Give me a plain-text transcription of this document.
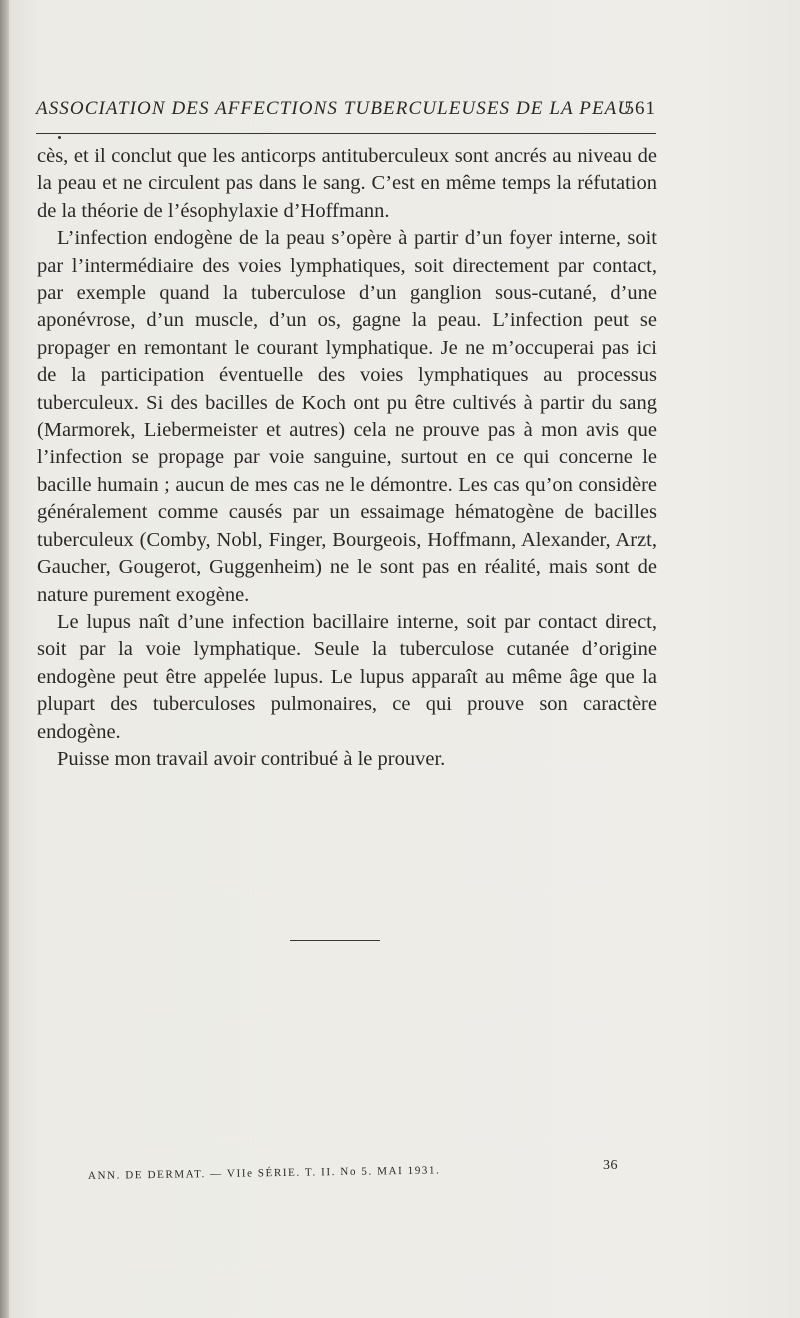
ASSOCIATION DES AFFECTIONS TUBERCULEUSES DE LA PEAU
561

cès, et il conclut que les anticorps antituberculeux sont ancrés au niveau de la peau et ne circulent pas dans le sang. C’est en même temps la réfutation de la théorie de l’ésophylaxie d’Hoffmann.

L’infection endogène de la peau s’opère à partir d’un foyer interne, soit par l’intermédiaire des voies lymphatiques, soit directement par contact, par exemple quand la tuberculose d’un ganglion sous-cutané, d’une aponévrose, d’un muscle, d’un os, gagne la peau. L’infection peut se propager en remontant le courant lymphatique. Je ne m’occuperai pas ici de la participation éventuelle des voies lymphatiques au processus tuberculeux. Si des bacilles de Koch ont pu être cultivés à partir du sang (Marmorek, Liebermeister et autres) cela ne prouve pas à mon avis que l’infection se propage par voie sanguine, surtout en ce qui concerne le bacille humain ; aucun de mes cas ne le démontre. Les cas qu’on considère généralement comme causés par un essaimage hématogène de bacilles tuberculeux (Comby, Nobl, Finger, Bourgeois, Hoffmann, Alexander, Arzt, Gaucher, Gougerot, Guggenheim) ne le sont pas en réalité, mais sont de nature purement exogène.

Le lupus naît d’une infection bacillaire interne, soit par contact direct, soit par la voie lymphatique. Seule la tuberculose cutanée d’origine endogène peut être appelée lupus. Le lupus apparaît au même âge que la plupart des tuberculoses pulmonaires, ce qui prouve son caractère endogène.

Puisse mon travail avoir contribué à le prouver.

ANN. DE DERMAT. — VIIe SÉRIE. T. II. No 5. MAI 1931.	36
